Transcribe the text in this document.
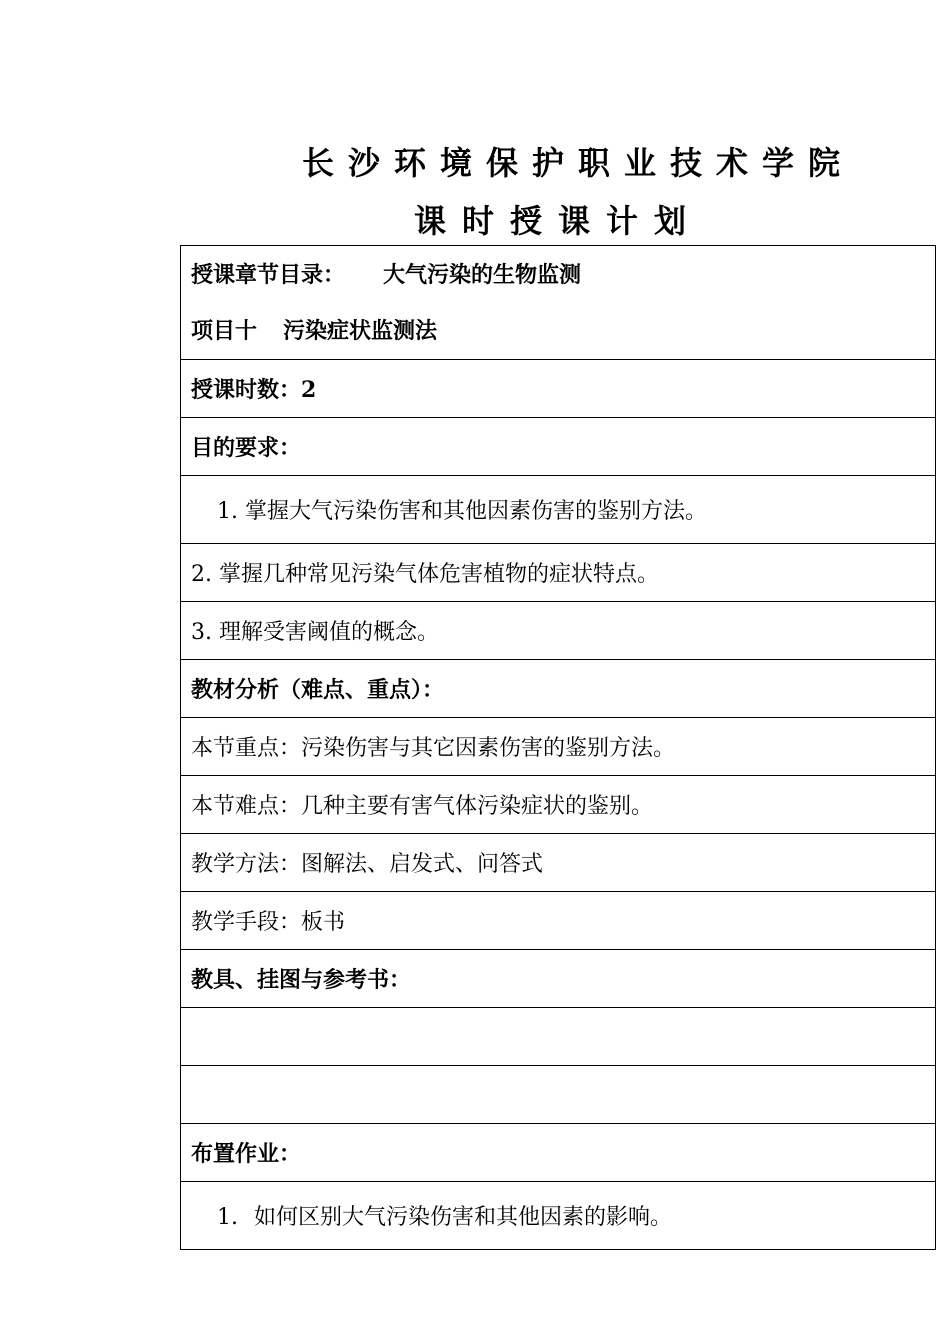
长沙环境保护职业技术学院
课时授课计划
授课章节目录： 大气污染的生物监测
项目十 污染症状监测法

授课时数：2
目的要求：
1. 掌握大气污染伤害和其他因素伤害的鉴别方法。
2. 掌握几种常见污染气体危害植物的症状特点。
3. 理解受害阈值的概念。
教材分析（难点、重点）：
本节重点：污染伤害与其它因素伤害的鉴别方法。
本节难点：几种主要有害气体污染症状的鉴别。
教学方法：图解法、启发式、问答式
教学手段：板书
教具、挂图与参考书：

布置作业：
1. 如何区别大气污染伤害和其他因素的影响。
